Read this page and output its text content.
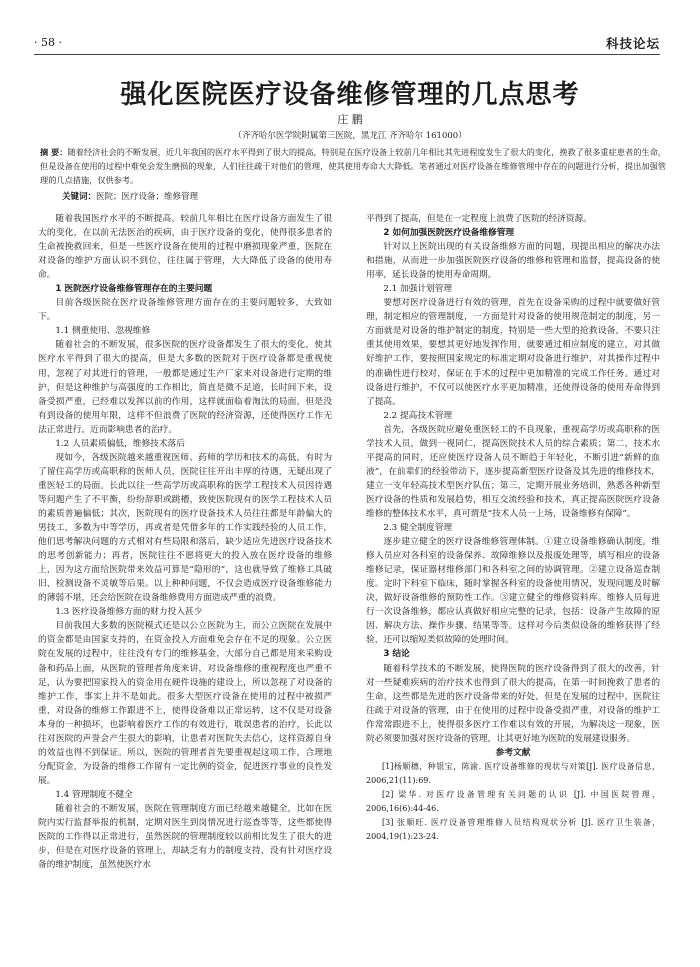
· 58 ·	科技论坛
强化医院医疗设备维修管理的几点思考
庄 鹏
（齐齐哈尔医学院附属第三医院，黑龙江 齐齐哈尔 161000）
摘 要：随着经济社会的不断发展，近几年我国的医疗水平得到了很大的提高，特别是在医疗设备上较前几年相比其先进程度发生了很大的变化，挽救了很多重症患者的生命，但是设备在使用的过程中难免会发生磨损的现象，人们往往疏于对他们的管理，使其使用寿命大大降低。笔者通过对医疗设备在维修管理中存在的问题进行分析，提出加强管理的几点措施，仅供参考。
关键词：医院；医疗设备；维修管理

随着我国医疗水平的不断提高，较前几年相比在医疗设备方面发生了很大的变化，在以前无法医治的疾病，由于医疗设备的变化，使得很多患者的生命被挽救回来，但是一些医疗设备在使用的过程中磨损现象严重，医院在对设备的维护方面认识不到位，往往属于管理，大大降低了设备的使用寿命。

1 医院医疗设备维修管理存在的主要问题

目前各级医院在医疗设备维修管理方面存在的主要问题较多，大致如下。

1.1 侧重使用、忽视维修

随着社会的不断发展，很多医院的医疗设备都发生了很大的变化，使其医疗水平得到了很大的提高，但是大多数的医院对于医疗设备都是重视使用，忽视了对其进行的管理，一般都是通过生产厂家来对设备进行定期的维护，但是这种维护与高强度的工作相比，简直是微不足道，长时间下来，设备受损严重，已经难以发挥以前的作用，这样就面临着淘汰的局面，但是没有到设备的使用年限，这样不但浪费了医院的经济资源，还使得医疗工作无法正常进行，近而影响患者的治疗。

1.2 人员素质偏低，维修技术落后

现如今，各级医院越来越重视医师、药师的学历和技术的高低，有时为了留住高学历或高职称的医师人员，医院往往开出丰厚的待遇，无疑出现了重医轻工的局面。长此以往一些高学历或高职称的医学工程技术人员因待遇等问题产生了不平衡，纷纷辞职或跳槽，致使医院现有的医学工程技术人员的素质普遍偏低；其次，医院现有的医疗设备技术人员往往都是年龄偏大的男技工，多数为中等学历，再或者是凭借多年的工作实践经验的人员工作，他们思考解决问题的方式相对有些局限和落后，缺少适应先进医疗设备技术的思考创新能力；再者，医院往往不愿将更大的投入放在医疗设备的维修上，因为这方面给医院带来效益可算是“隐形的”，这也就导致了维修工具破旧，检测设备不灵敏等后果。以上种种问题，不仅会造成医疗设备维修能力的薄弱不堪，还会给医院在设备维修费用方面造成严重的浪费。

1.3 医疗设备维修方面的财力投入甚少

目前我国大多数的医院模式还是以公立医院为主，而公立医院在发展中的资金都是由国家支持的，在资金投入方面难免会存在不足的现象。公立医院在发展的过程中，往往没有专门的维修基金，大部分自己都是用来采购设备和药品上面，从医院的管理者角度来讲，对设备维修的重视程度也严重不足，认为要把国家投入的资金用在硬件设施的建设上，所以忽视了对设备的维护工作，事实上并不是如此。很多大型医疗设备在使用的过程中被损严重，对设备的维修工作跟进不上，使得设备难以正常运转，这不仅是对设备本身的一种损坏，也影响着医疗工作的有效进行，耽误患者的治疗，长此以往对医院的声誉会产生很大的影响，让患者对医院失去信心，这样资源自身的效益也得不到保证。所以，医院的管理者首先要重视起这项工作，合理地分配资金，为设备的维修工作留有一定比例的资金，促进医疗事业的良性发展。

1.4 管理制度不健全

随着社会的不断发展，医院在管理制度方面已经越来越健全，比如在医院内实行监督举报的机制，定期对医生到岗情况进行巡查等等，这些都使得医院的工作得以正常进行，虽然医院的管理制度较以前相比发生了很大的进步，但是在对医疗设备的管理上，却缺乏有力的制度支持，没有针对医疗设备的维护制度，虽然使医疗水

平得到了提高，但是在一定程度上浪费了医院的经济资源。

2 如何加强医院医疗设备维修管理

针对以上医院出现的有关设备维修方面的问题，现提出相应的解决办法和措施，从而进一步加强医院医疗设备的维修和管理和监督，提高设备的使用率，延长设备的使用寿命周期。

2.1 加强计划管理

要想对医疗设备进行有效的管理，首先在设备采购的过程中就要做好管理，制定相应的管理制度，一方面是针对设备的使用规范制定的制度，另一方面就是对设备的维护制定的制度，特别是一些大型的抢救设备，不要只注重其使用效果，要想其更好地发挥作用，就要通过相应制度的建立，对其做好维护工作，要按照国家规定的标准定期对设备进行维护，对其操作过程中的准确性进行校对，保证在手术的过程中更加精准的完成工作任务。通过对设备进行维护，不仅可以使医疗水平更加精准，还使得设备的使用寿命得到了提高。

2.2 提高技术管理

首先，各级医院应避免重医轻工的不良现象，重视高学历或高职称的医学技术人员，做到一视同仁，提高医院技术人员的综合素质；第二，技术水平提高的同时，还应使医疗设备人员不断趋于年轻化，不断引进“新鲜的血液”，在前辈们的经验带动下，逐步提高新型医疗设备及其先进的维修技术，建立一支年轻高技术型医疗队伍；第三，定期开展业务培训，熟悉各种新型医疗设备的性质和发展趋势，相互交流经验和技术，真正提高医院医疗设备维修的整体技术水平，真可谓是“技术人员一上场，设备维修有保障”。

2.3 健全制度管理

逐步建立健全的医疗设备维修管理体制。①建立设备维修确认制度。维修人员应对各科室的设备保养、故障维修以及报废处理等，填写相应的设备维修记录，保证器材维修部门和各科室之间的协调管理。②建立设备巡查制度。定时下科室下临床，随时掌握各科室的设备使用情况，发现问题及时解决，做好设备维修的预防性工作。③建立健全的维修资料库。维修人员每进行一次设备维修，都应认真做好相应完整的记录，包括：设备产生故障的原因、解决方法、操作步骤、结果等等。这样对今后类似设备的维修获得了经验，还可以缩短类似故障的处理时间。

3 结论

随着科学技术的不断发展，使得医院的医疗设备得到了很大的改善，针对一些疑难疾病的治疗技术也得到了很大的提高，在第一时间挽救了患者的生命，这些都是先进的医疗设备带来的好处，但是在发展的过程中，医院往往疏于对设备的管理，由于在使用的过程中设备受损严重，对设备的维护工作常常跟进不上，使得很多医疗工作难以有效的开展，为解决这一现象，医院必须要加强对医疗设备的管理，让其更好地为医院的发展建设服务。

参考文献

[1]杨顺穗，种银宝，陈渝. 医疗设备维修的现状与对策[J]. 医疗设备信息，2006,21(11):69.

[2] 梁华. 对医疗设备管理有关问题的认识 [J]. 中国医院管理，2006,16(6):44-46.

[3] 张顺旺. 医疗设备管理维修人员结构现状分析 [J]. 医疗卫生装备，2004,19(1):23-24.
